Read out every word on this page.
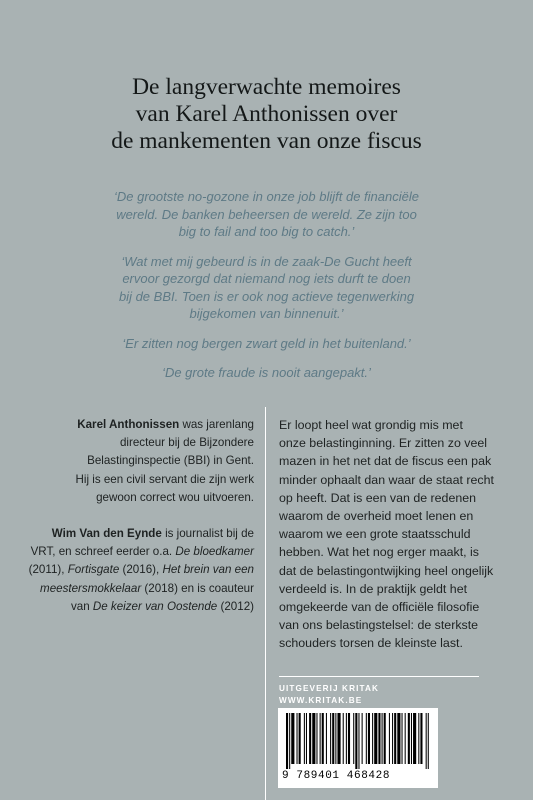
De langverwachte memoires
van Karel Anthonissen over
de mankementen van onze fiscus
‘De grootste no-gozone in onze job blijft de financiële
wereld. De banken beheersen de wereld. Ze zijn too
big to fail and too big to catch.’
‘Wat met mij gebeurd is in de zaak-De Gucht heeft
ervoor gezorgd dat niemand nog iets durft te doen
bij de BBI. Toen is er ook nog actieve tegenwerking
bijgekomen van binnenuit.’
‘Er zitten nog bergen zwart geld in het buitenland.’
‘De grote fraude is nooit aangepakt.’
Karel Anthonissen was jarenlang
directeur bij de Bijzondere
Belastinginspectie (BBI) in Gent.
Hij is een civil servant die zijn werk
gewoon correct wou uitvoeren.
Wim Van den Eynde is journalist bij de
VRT, en schreef eerder o.a. De bloedkamer
(2011), Fortisgate (2016), Het brein van een
meestersmokkelaar (2018) en is coauteur
van De keizer van Oostende (2012)
Er loopt heel wat grondig mis met
onze belastinginning. Er zitten zo veel
mazen in het net dat de fiscus een pak
minder ophaalt dan waar de staat recht
op heeft. Dat is een van de redenen
waarom de overheid moet lenen en
waarom we een grote staatsschuld
hebben. Wat het nog erger maakt, is
dat de belastingontwijking heel ongelijk
verdeeld is. In de praktijk geldt het
omgekeerde van de officiële filosofie
van ons belastingstelsel: de sterkste
schouders torsen de kleinste last.
UITGEVERIJ KRITAK
WWW.KRITAK.BE
9 789401 468428
